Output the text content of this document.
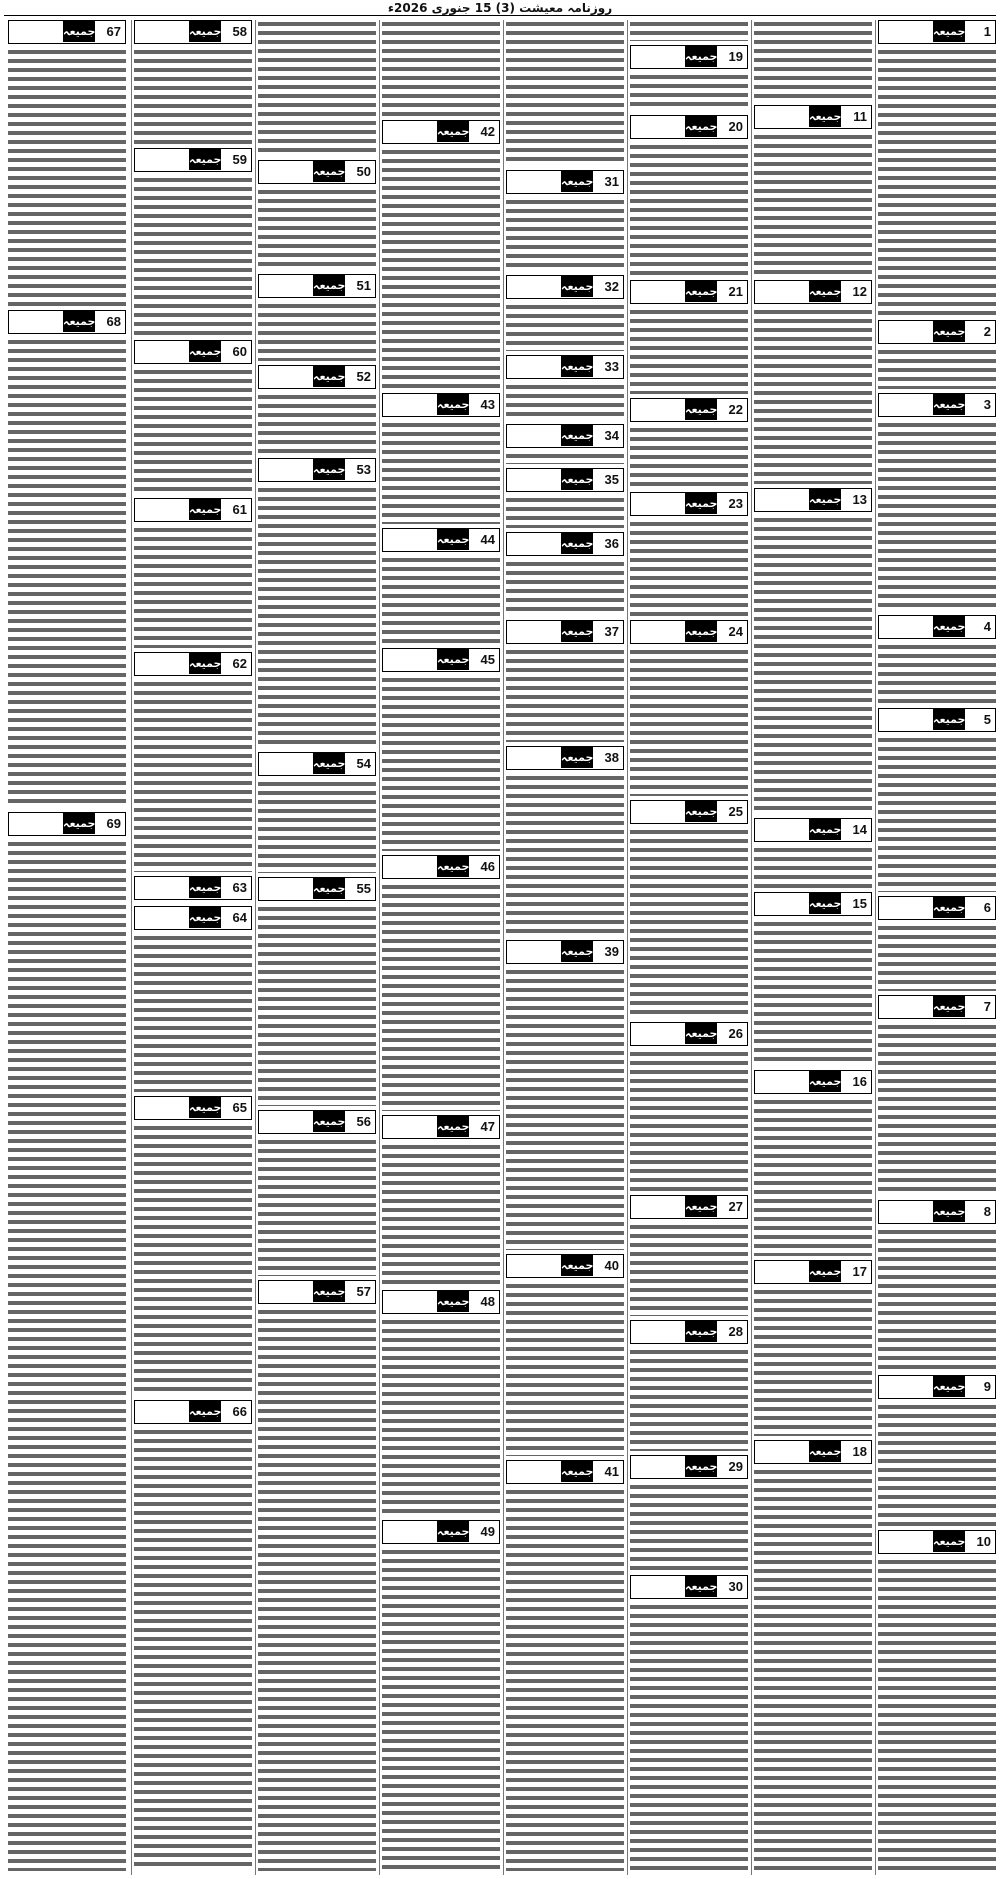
روزنامہ معیشت (3) 15 جنوری 2026ء
جمیعہ 1
جمیعہ 2
جمیعہ 3
جمیعہ 4
جمیعہ 5
جمیعہ 6
جمیعہ 7
جمیعہ 8
جمیعہ 9
جمیعہ 10
جمیعہ 11
جمیعہ 12
جمیعہ 13
جمیعہ 14
جمیعہ 15
جمیعہ 16
جمیعہ 17
جمیعہ 18
جمیعہ 19
جمیعہ 20
جمیعہ 21
جمیعہ 22
جمیعہ 23
جمیعہ 24
جمیعہ 25
جمیعہ 26
جمیعہ 27
جمیعہ 28
جمیعہ 29
جمیعہ 30
جمیعہ 31
جمیعہ 32
جمیعہ 33
جمیعہ 34
جمیعہ 35
جمیعہ 36
جمیعہ 37
جمیعہ 38
جمیعہ 39
جمیعہ 40
جمیعہ 41
جمیعہ 42
جمیعہ 43
جمیعہ 44
جمیعہ 45
جمیعہ 46
جمیعہ 47
جمیعہ 48
جمیعہ 49
جمیعہ 50
جمیعہ 51
جمیعہ 52
جمیعہ 53
جمیعہ 54
جمیعہ 55
جمیعہ 56
جمیعہ 57
جمیعہ 58
جمیعہ 59
جمیعہ 60
جمیعہ 61
جمیعہ 62
جمیعہ 63
جمیعہ 64
جمیعہ 65
جمیعہ 66
جمیعہ 67
جمیعہ 68
جمیعہ 69
